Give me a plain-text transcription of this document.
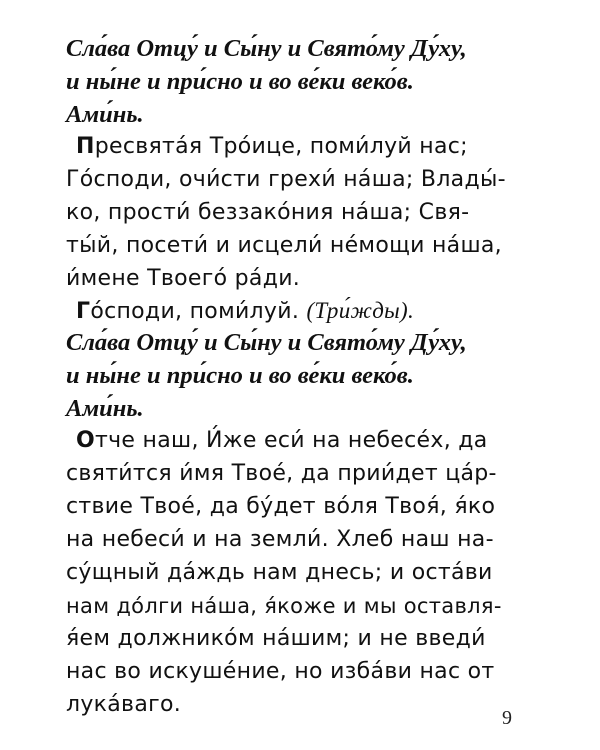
Сла́ва Отцу́ и Сы́ну и Свято́му Ду́ху,
и ны́не и при́сно и во ве́ки веко́в.
Ами́нь.
Пресвята́я Тро́ице, поми́луй нас;
Го́споди, очи́сти грехи́ на́ша; Влады́-
ко, прости́ беззако́ния на́ша; Свя-
ты́й, посети́ и исцели́ не́мощи на́ша,
и́мене Твоего́ ра́ди.
Го́споди, поми́луй. (Три́жды).
Сла́ва Отцу́ и Сы́ну и Свято́му Ду́ху,
и ны́не и при́сно и во ве́ки веко́в.
Ами́нь.
Отче наш, И́же еси́ на небесе́х, да
святи́тся и́мя Твое́, да прии́дет ца́р-
ствие Твое́, да бу́дет во́ля Твоя́, я́ко
на небеси́ и на земли́. Хлеб наш на-
су́щный да́ждь нам днесь; и оста́ви
нам до́лги на́ша, я́коже и мы оставля-
я́ем должнико́м на́шим; и не введи́
нас во искуше́ние, но изба́ви нас от
лука́ваго.
9
